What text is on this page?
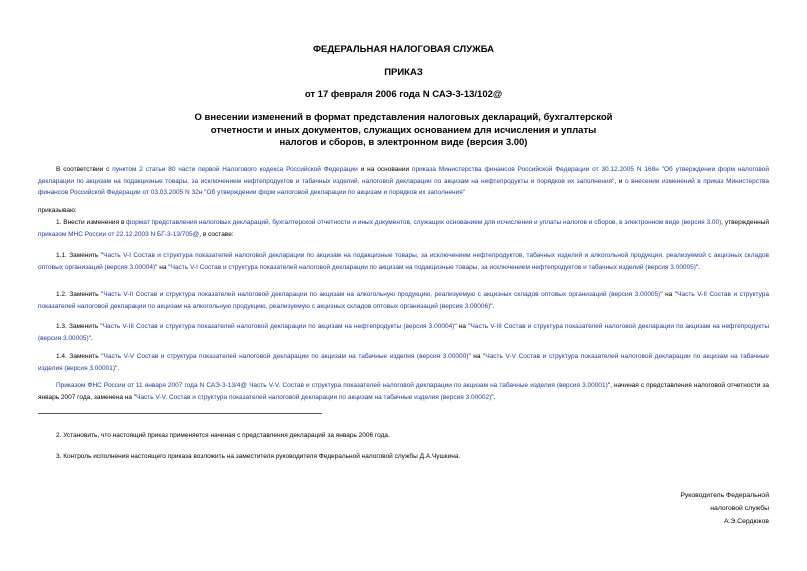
ФЕДЕРАЛЬНАЯ НАЛОГОВАЯ СЛУЖБА

ПРИКАЗ

от 17 февраля 2006 года N САЭ-3-13/102@

О внесении изменений в формат представления налоговых деклараций, бухгалтерской
отчетности и иных документов, служащих основанием для исчисления и уплаты
налогов и сборов, в электронном виде (версия 3.00)

В соответствии с пунктом 2 статьи 80 части первой Налогового кодекса Российской Федерации и на основании приказа Министерства финансов Российской Федерации от 30.12.2005 N 168н "Об утверждении форм налоговой декларации по акцизам на подакцизные товары, за исключением нефтепродуктов и табачных изделий, налоговой декларации по акцизам на нефтепродукты и порядков их заполнения", и о внесении изменений в приказ Министерства финансов Российской Федерации от 03.03.2005 N 32н "Об утверждении форм налоговой декларации по акцизам и порядков их заполнения"

приказываю:

1. Внести изменения в формат представления налоговых деклараций, бухгалтерской отчетности и иных документов, служащих основанием для исчисления и уплаты налогов и сборов, в электронном виде (версия 3.00), утвержденный приказом МНС России от 22.12.2003 N БГ-3-13/705@, в составе:

1.1. Заменить "Часть V-I Состав и структура показателей налоговой декларации по акцизам на подакцизные товары, за исключением нефтепродуктов, табачных изделий и алкогольной продукции, реализуемой с акцизных складов оптовых организаций (версия 3.00004)" на "Часть V-I Состав и структура показателей налоговой декларации по акцизам на подакцизные товары, за исключением нефтепродуктов и табачных изделий (версия 3.00005)".

1.2. Заменить "Часть V-II Состав и структура показателей налоговой декларации по акцизам на алкогольную продукцию, реализуемую с акцизных складов оптовых организаций (версия 3.00005)" на "Часть V-II Состав и структура показателей налоговой декларации по акцизам на алкогольную продукцию, реализуемую с акцизных складов оптовых организаций (версия 3.00006)".

1.3. Заменить "Часть V-III Состав и структура показателей налоговой декларации по акцизам на нефтепродукты (версия 3.00004)" на "Часть V-III Состав и структура показателей налоговой декларации по акцизам на нефтепродукты (версия 3.00005)".

1.4. Заменить "Часть V-V Состав и структура показателей налоговой декларации по акцизам на табачные изделия (версия 3.00000)" на "Часть V-V Состав и структура показателей налоговой декларации по акцизам на табачные изделия (версия 3.00001)".

Приказом ФНС России от 11 января 2007 года N САЭ-3-13/4@ Часть V-V. Состав и структура показателей налоговой декларации по акцизам на табачные изделия (версия 3.00001)", начиная с представления налоговой отчетности за январь 2007 года, заменена на "Часть V-V. Состав и структура показателей налоговой декларации по акцизам на табачные изделия (версия 3.00002)".

2. Установить, что настоящий приказ применяется начиная с представления деклараций за январь 2006 года.

3. Контроль исполнения настоящего приказа возложить на заместителя руководителя Федеральной налоговой службы Д.А.Чушкина.

Руководитель Федеральной
налоговой службы
А.Э.Сердюков
